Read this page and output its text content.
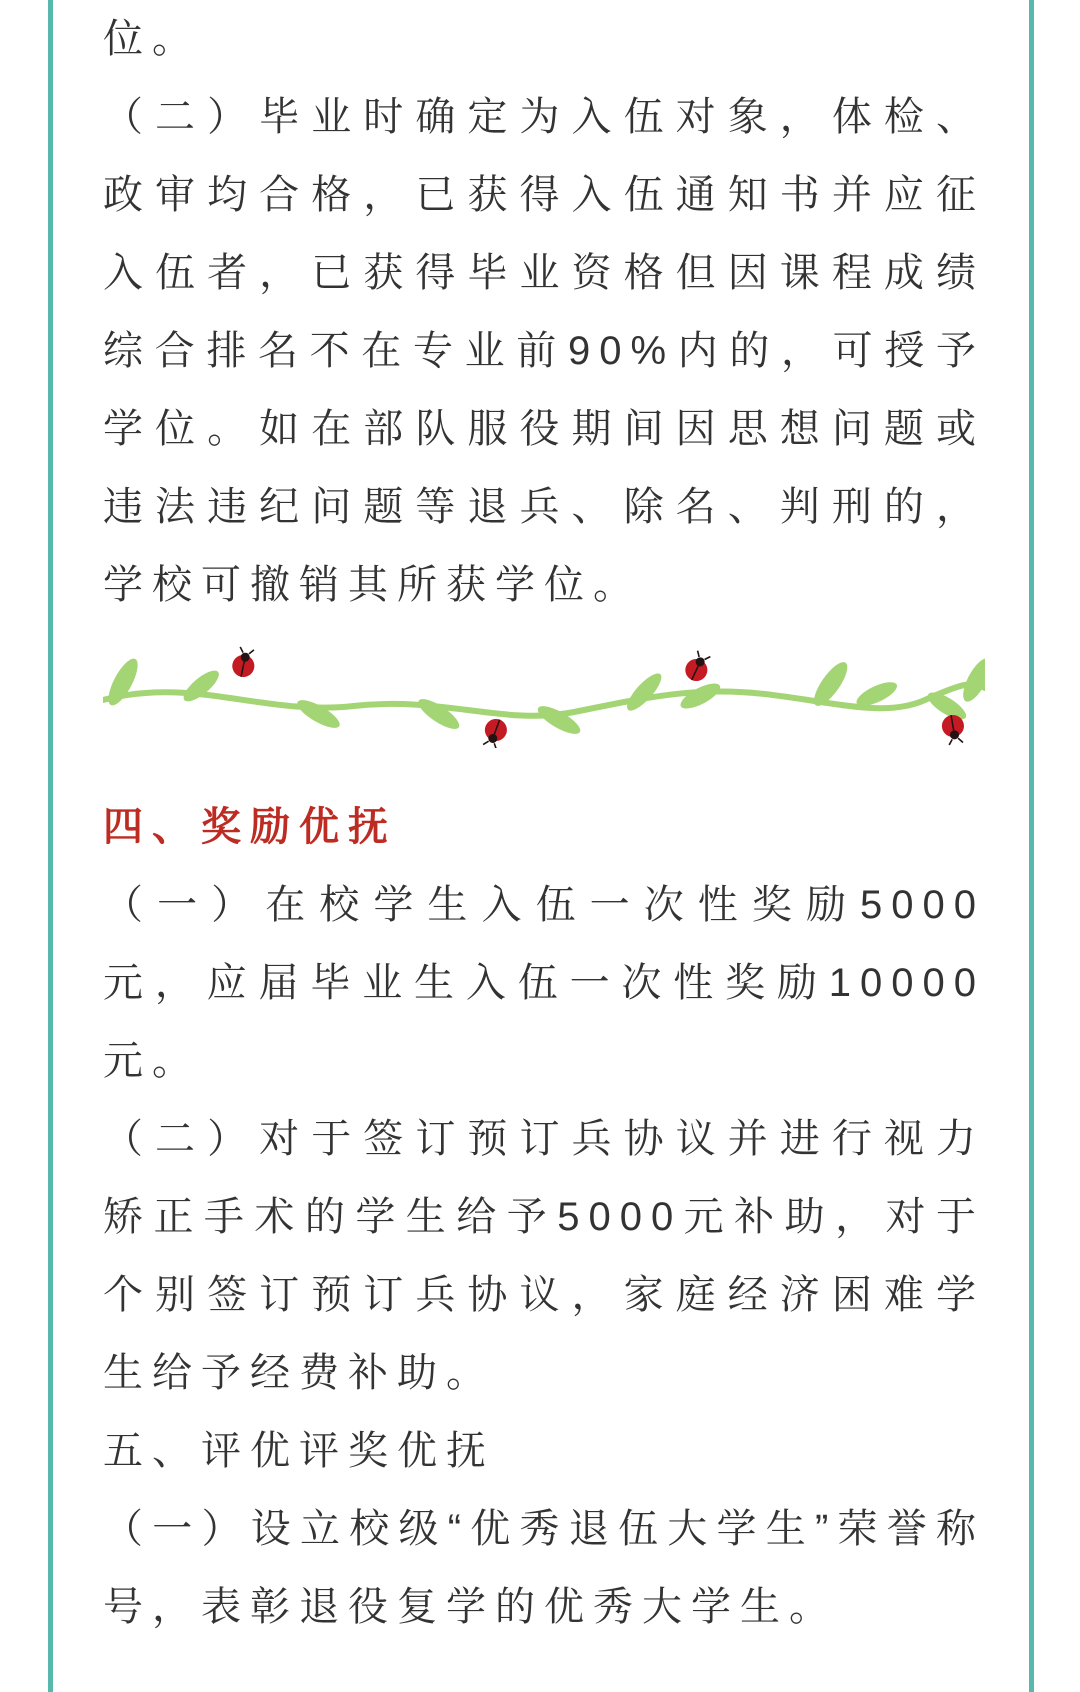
位。
（二）毕业时确定为入伍对象，体检、
政审均合格，已获得入伍通知书并应征
入伍者，已获得毕业资格但因课程成绩
综合排名不在专业前90%内的，可授予
学位。如在部队服役期间因思想问题或
违法违纪问题等退兵、除名、判刑的，
学校可撤销其所获学位。
四、奖励优抚
（一）在校学生入伍一次性奖励5000
元，应届毕业生入伍一次性奖励10000
元。
（二）对于签订预订兵协议并进行视力
矫正手术的学生给予5000元补助，对于
个别签订预订兵协议，家庭经济困难学
生给予经费补助。
五、评优评奖优抚
（一）设立校级“优秀退伍大学生”荣誉称
号，表彰退役复学的优秀大学生。
